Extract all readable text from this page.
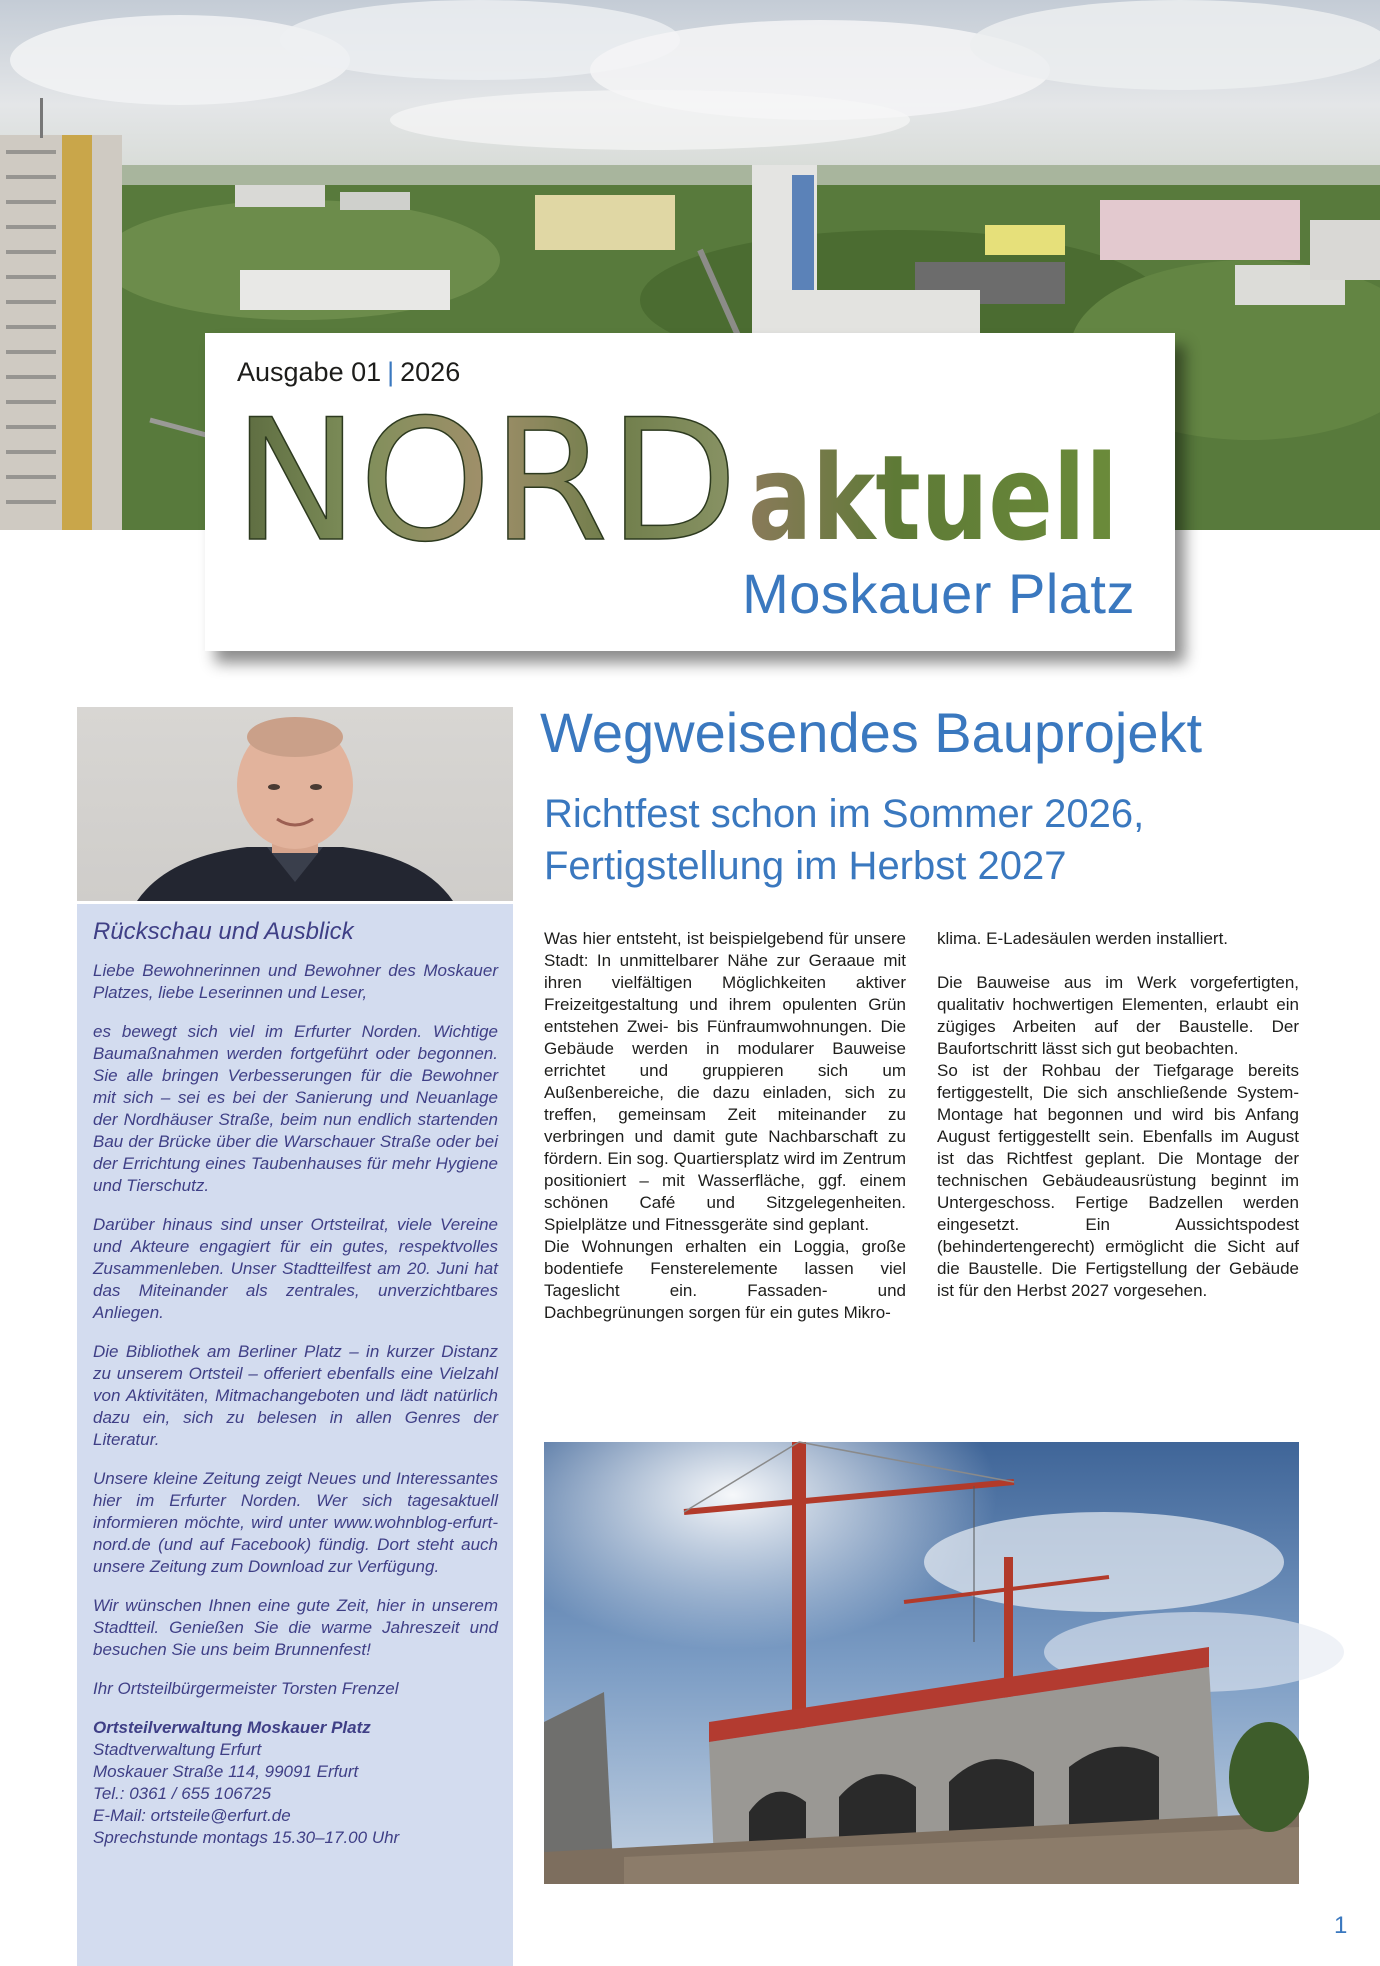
Ausgabe 01 | 2026
NORD aktuell
Moskauer Platz
Rückschau und Ausblick

Liebe Bewohnerinnen und Bewohner des Moskauer Platzes, liebe Leserinnen und Leser,

es bewegt sich viel im Erfurter Norden. Wichtige Baumaßnahmen werden fortgeführt oder begonnen. Sie alle bringen Verbesserungen für die Bewohner mit sich – sei es bei der Sanierung und Neuanlage der Nordhäuser Straße, beim nun endlich startenden Bau der Brücke über die Warschauer Straße oder bei der Errichtung eines Taubenhauses für mehr Hygiene und Tierschutz.

Darüber hinaus sind unser Ortsteilrat, viele Vereine und Akteure engagiert für ein gutes, respektvolles Zusammenleben. Unser Stadtteilfest am 20. Juni hat das Miteinander als zentrales, unverzichtbares Anliegen.

Die Bibliothek am Berliner Platz – in kurzer Distanz zu unserem Ortsteil – offeriert ebenfalls eine Vielzahl von Aktivitäten, Mitmachangeboten und lädt natürlich dazu ein, sich zu belesen in allen Genres der Literatur.

Unsere kleine Zeitung zeigt Neues und Interessantes hier im Erfurter Norden. Wer sich tagesaktuell informieren möchte, wird unter www.wohnblog-erfurt-nord.de (und auf Facebook) fündig. Dort steht auch unsere Zeitung zum Download zur Verfügung.

Wir wünschen Ihnen eine gute Zeit, hier in unserem Stadtteil. Genießen Sie die warme Jahreszeit und besuchen Sie uns beim Brunnenfest!

Ihr Ortsteilbürgermeister Torsten Frenzel

Ortsteilverwaltung Moskauer Platz

Stadtverwaltung Erfurt

Moskauer Straße 114, 99091 Erfurt

Tel.: 0361 / 655 106725

E-Mail: ortsteile@erfurt.de

Sprechstunde montags 15.30–17.00 Uhr

Wegweisendes Bauprojekt
Richtfest schon im Sommer 2026,
Fertigstellung im Herbst 2027

Was hier entsteht, ist beispielgebend für unsere Stadt: In unmittelbarer Nähe zur Geraaue mit ihren vielfältigen Möglichkeiten aktiver Freizeitgestaltung und ihrem opulenten Grün entstehen Zwei- bis Fünfraumwohnungen. Die Gebäude werden in modularer Bauweise errichtet und gruppieren sich um Außenbereiche, die dazu einladen, sich zu treffen, gemeinsam Zeit miteinander zu verbringen und damit gute Nachbarschaft zu fördern. Ein sog. Quartiersplatz wird im Zentrum positioniert – mit Wasserfläche, ggf. einem schönen Café und Sitzgelegenheiten. Spielplätze und Fitnessgeräte sind geplant.

Die Wohnungen erhalten ein Loggia, große bodentiefe Fensterelemente lassen viel Tageslicht ein. Fassaden- und Dachbegrünungen sorgen für ein gutes Mikro-

klima. E-Ladesäulen werden installiert.

Die Bauweise aus im Werk vorgefertigten, qualitativ hochwertigen Elementen, erlaubt ein zügiges Arbeiten auf der Baustelle. Der Baufortschritt lässt sich gut beobachten.

So ist der Rohbau der Tiefgarage bereits fertiggestellt, Die sich anschließende System-Montage hat begonnen und wird bis Anfang August fertiggestellt sein. Ebenfalls im August ist das Richtfest geplant. Die Montage der technischen Gebäudeausrüstung beginnt im Untergeschoss. Fertige Badzellen werden eingesetzt. Ein Aussichtspodest (behindertengerecht) ermöglicht die Sicht auf die Baustelle. Die Fertigstellung der Gebäude ist für den Herbst 2027 vorgesehen.

1
